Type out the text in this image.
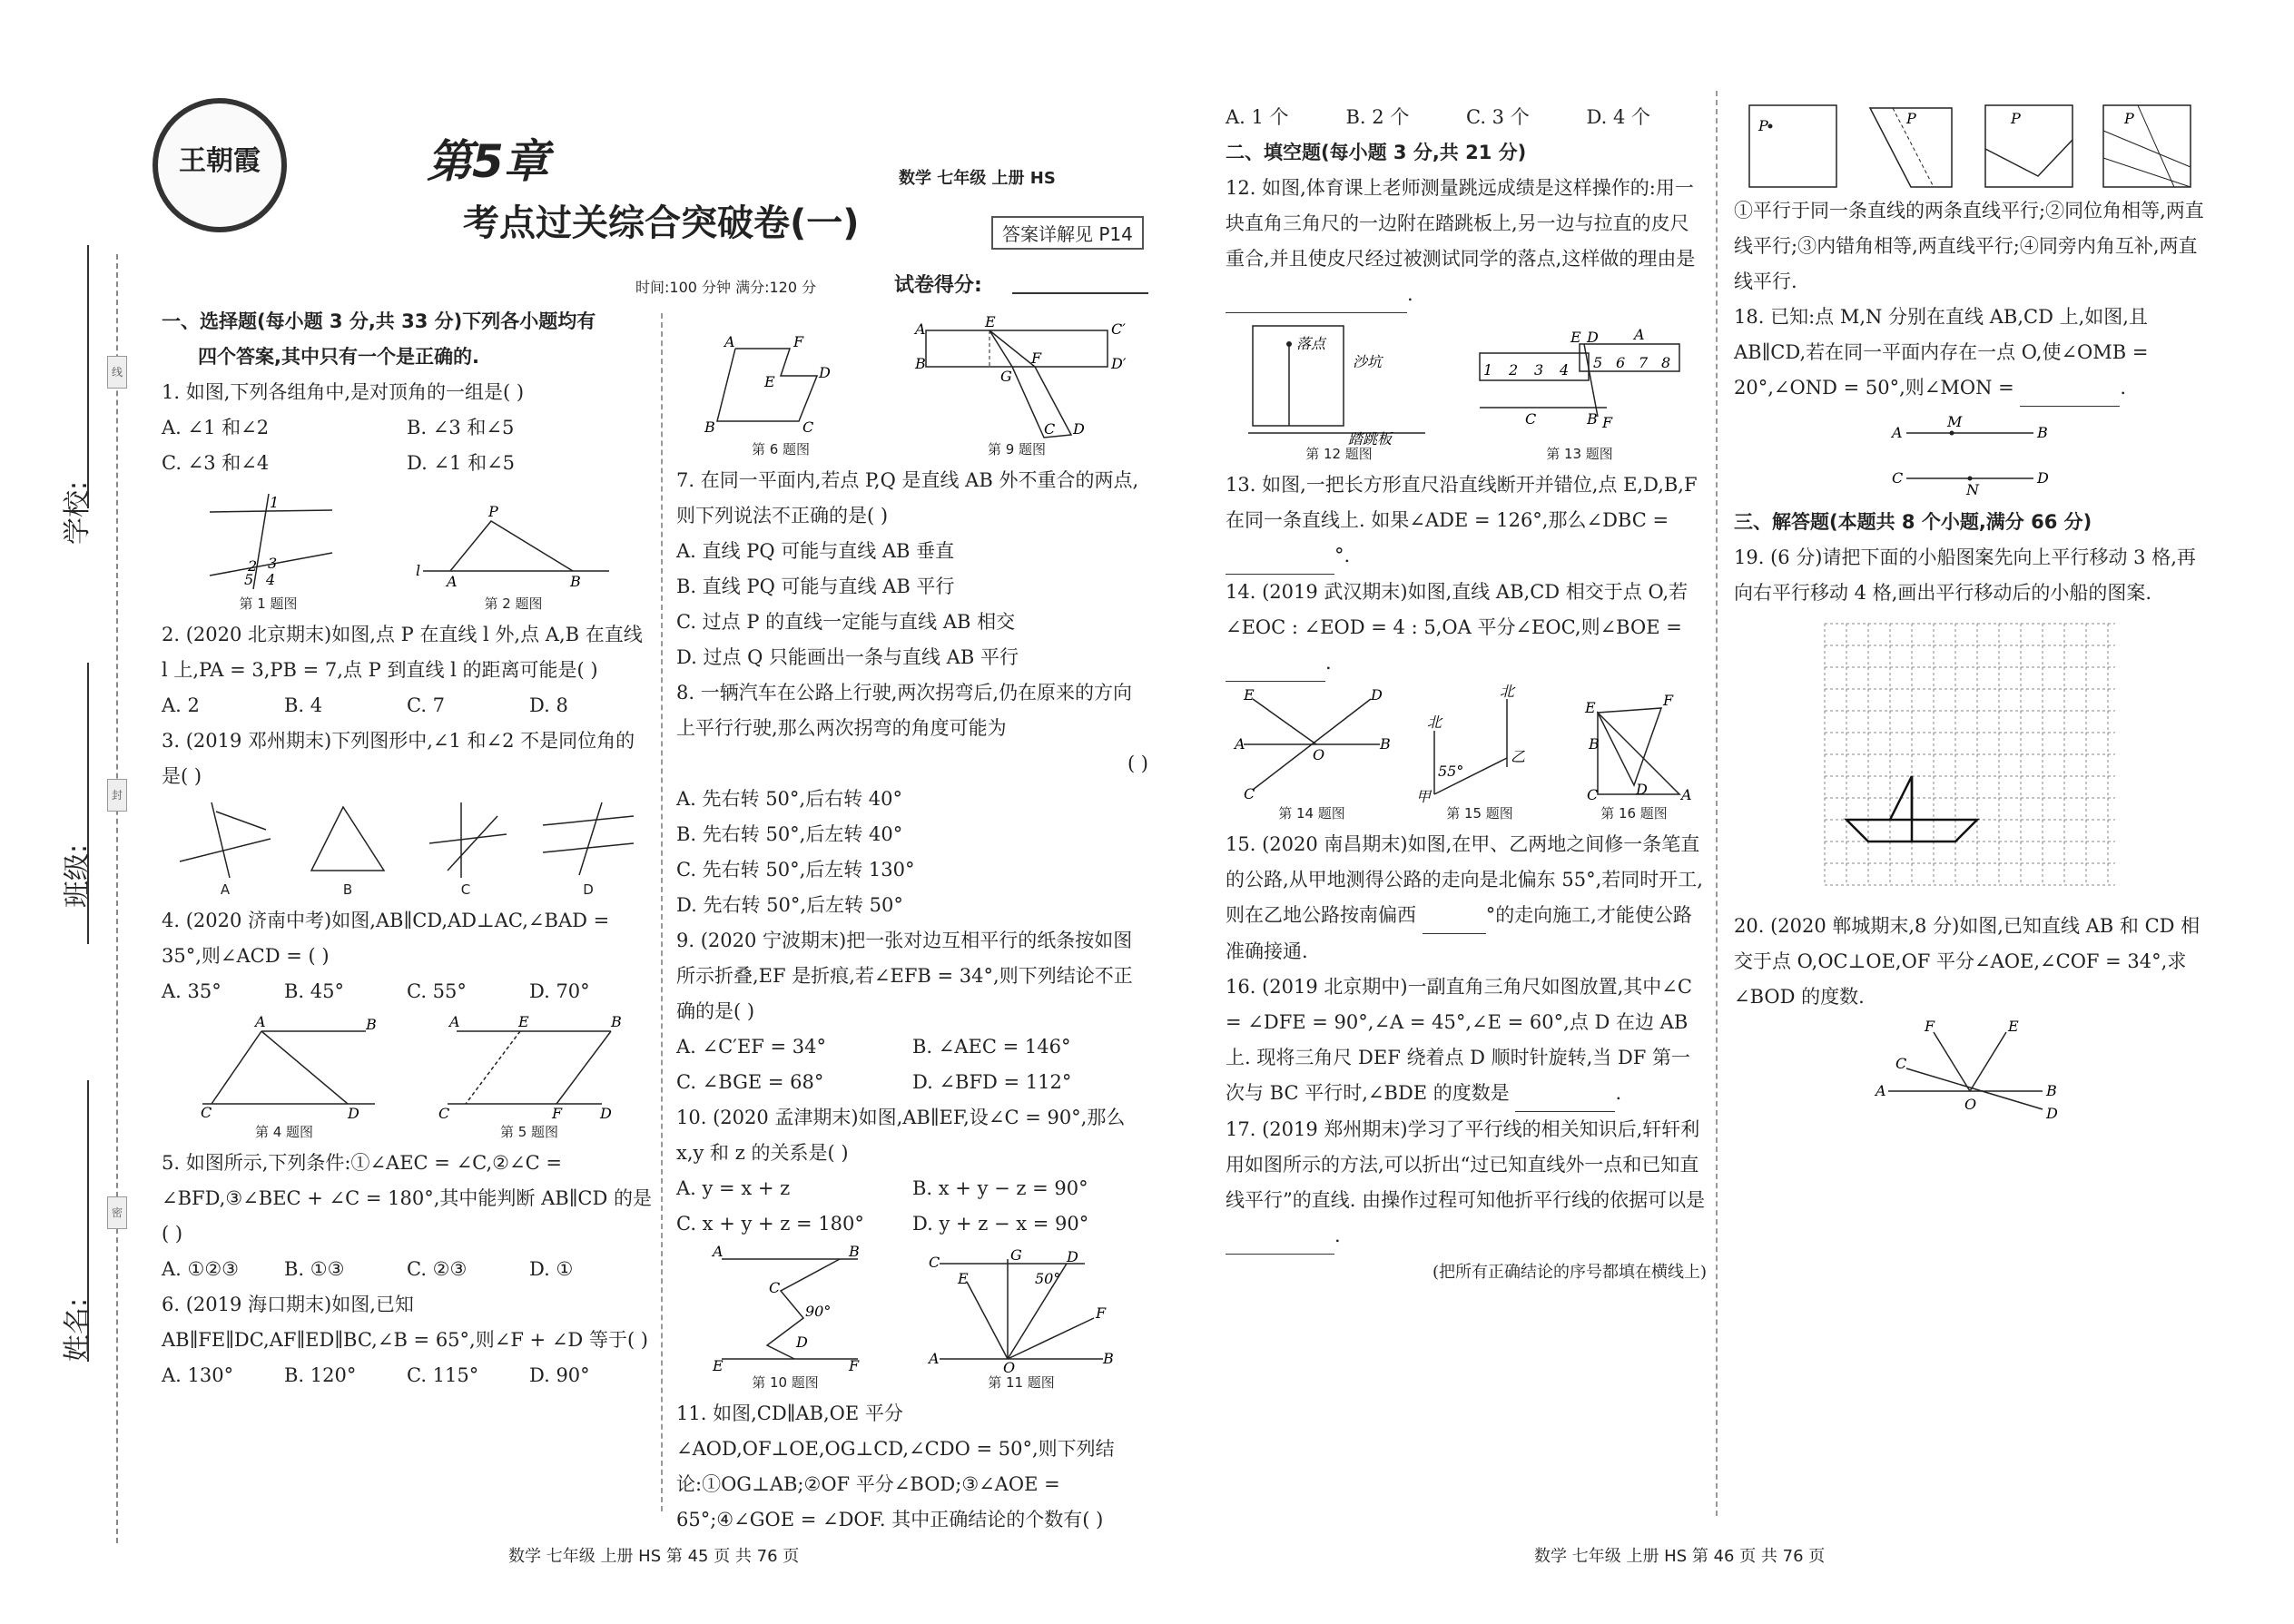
学校:
班级:
姓名:
线
封
密
王朝霞	第5章
考点过关综合突破卷(一)
数学 七年级 上册 HS
答案详解见 P14
时间:100 分钟 满分:120 分	试卷得分:

一、选择题(每小题 3 分,共 33 分)下列各小题均有

四个答案,其中只有一个是正确的.

1. 如图,下列各组角中,是对顶角的一组是( )

A. ∠1 和∠2	B. ∠3 和∠5
C. ∠3 和∠4	D. ∠1 和∠5
1
2 3
5 4
第 1 题图
P
A	B
l
第 2 题图

2. (2020 北京期末)如图,点 P 在直线 l 外,点 A,B 在直线 l 上,PA = 3,PB = 7,点 P 到直线 l 的距离可能是( )

A. 2	B. 4	C. 7	D. 8

3. (2019 邓州期末)下列图形中,∠1 和∠2 不是同位角的是( )

A	B	C	D

4. (2020 济南中考)如图,AB∥CD,AD⊥AC,∠BAD = 35°,则∠ACD = ( )

A. 35°	B. 45°	C. 55°	D. 70°
A	B
C	D
第 4 题图
A	E	B
C	F	D
第 5 题图

5. 如图所示,下列条件:①∠AEC = ∠C,②∠C = ∠BFD,③∠BEC + ∠C = 180°,其中能判断 AB∥CD 的是( )

A. ①②③	B. ①③	C. ②③	D. ①

6. (2019 海口期末)如图,已知 AB∥FE∥DC,AF∥ED∥BC,∠B = 65°,则∠F + ∠D 等于( )

A. 130°	B. 120°	C. 115°	D. 90°
A	F
E
D
C
B
第 6 题图
E	C′
D′
A
B	F
G
C D
第 9 题图

7. 在同一平面内,若点 P,Q 是直线 AB 外不重合的两点,则下列说法不正确的是( )

A. 直线 PQ 可能与直线 AB 垂直

B. 直线 PQ 可能与直线 AB 平行

C. 过点 P 的直线一定能与直线 AB 相交

D. 过点 Q 只能画出一条与直线 AB 平行

8. 一辆汽车在公路上行驶,两次拐弯后,仍在原来的方向上平行行驶,那么两次拐弯的角度可能为

( )

A. 先右转 50°,后右转 40°

B. 先右转 50°,后左转 40°

C. 先右转 50°,后左转 130°

D. 先右转 50°,后左转 50°

9. (2020 宁波期末)把一张对边互相平行的纸条按如图所示折叠,EF 是折痕,若∠EFB = 34°,则下列结论不正确的是( )

A. ∠C′EF = 34°	B. ∠AEC = 146°
C. ∠BGE = 68°	D. ∠BFD = 112°

10. (2020 孟津期末)如图,AB∥EF,设∠C = 90°,那么 x,y 和 z 的关系是( )

A. y = x + z	B. x + y − z = 90°
C. x + y + z = 180°	D. y + z − x = 90°
A	B
C
90°
D
E	F
第 10 题图
C	G	D
E
F
A
O
B
50°
第 11 题图

11. 如图,CD∥AB,OE 平分∠AOD,OF⊥OE,OG⊥CD,∠CDO = 50°,则下列结论:①OG⊥AB;②OF 平分∠BOD;③∠AOE = 65°;④∠GOE = ∠DOF. 其中正确结论的个数有( )

A. 1 个	B. 2 个	C. 3 个	D. 4 个

二、填空题(每小题 3 分,共 21 分)

12. 如图,体育课上老师测量跳远成绩是这样操作的:用一块直角三角尺的一边附在踏跳板上,另一边与拉直的皮尺重合,并且使皮尺经过被测试同学的落点,这样做的理由是  .

落点
沙坑
踏跳板
第 12 题图
1 2 3 4 5 6 7 8
E D A
C	B F
第 13 题图

13. 如图,一把长方形直尺沿直线断开并错位,点 E,D,B,F 在同一条直线上. 如果∠ADE = 126°,那么∠DBC =  °.

14. (2019 武汉期末)如图,直线 AB,CD 相交于点 O,若∠EOC : ∠EOD = 4 : 5,OA 平分∠EOC,则∠BOE =  .

A	B
C
D
E
O
第 14 题图
北
北
甲
乙
55°
第 15 题图
C	A
E	F
B
D
第 16 题图

15. (2020 南昌期末)如图,在甲、乙两地之间修一条笔直的公路,从甲地测得公路的走向是北偏东 55°,若同时开工,则在乙地公路按南偏西	°的走向施工,才能使公路准确接通.

16. (2019 北京期中)一副直角三角尺如图放置,其中∠C = ∠DFE = 90°,∠A = 45°,∠E = 60°,点 D 在边 AB 上. 现将三角尺 DEF 绕着点 D 顺时针旋转,当 DF 第一次与 BC 平行时,∠BDE 的度数是	.

17. (2019 郑州期末)学习了平行线的相关知识后,轩轩利用如图所示的方法,可以折出“过已知直线外一点和已知直线平行”的直线. 由操作过程可知他折平行线的依据可以是  .

(把所有正确结论的序号都填在横线上)

P	P	P	P

①平行于同一条直线的两条直线平行;②同位角相等,两直线平行;③内错角相等,两直线平行;④同旁内角互补,两直线平行.

18. 已知:点 M,N 分别在直线 AB,CD 上,如图,且 AB∥CD,若在同一平面内存在一点 O,使∠OMB = 20°,∠OND = 50°,则∠MON =	.

A	B
M
C	D
N

三、解答题(本题共 8 个小题,满分 66 分)

19. (6 分)请把下面的小船图案先向上平行移动 3 格,再向右平行移动 4 格,画出平行移动后的小船的图案.

20. (2020 郸城期末,8 分)如图,已知直线 AB 和 CD 相交于点 O,OC⊥OE,OF 平分∠AOE,∠COF = 34°,求∠BOD 的度数.

A	B
C
D
F	E
O
数学 七年级 上册 HS 第 45 页 共 76 页	数学 七年级 上册 HS 第 46 页 共 76 页
